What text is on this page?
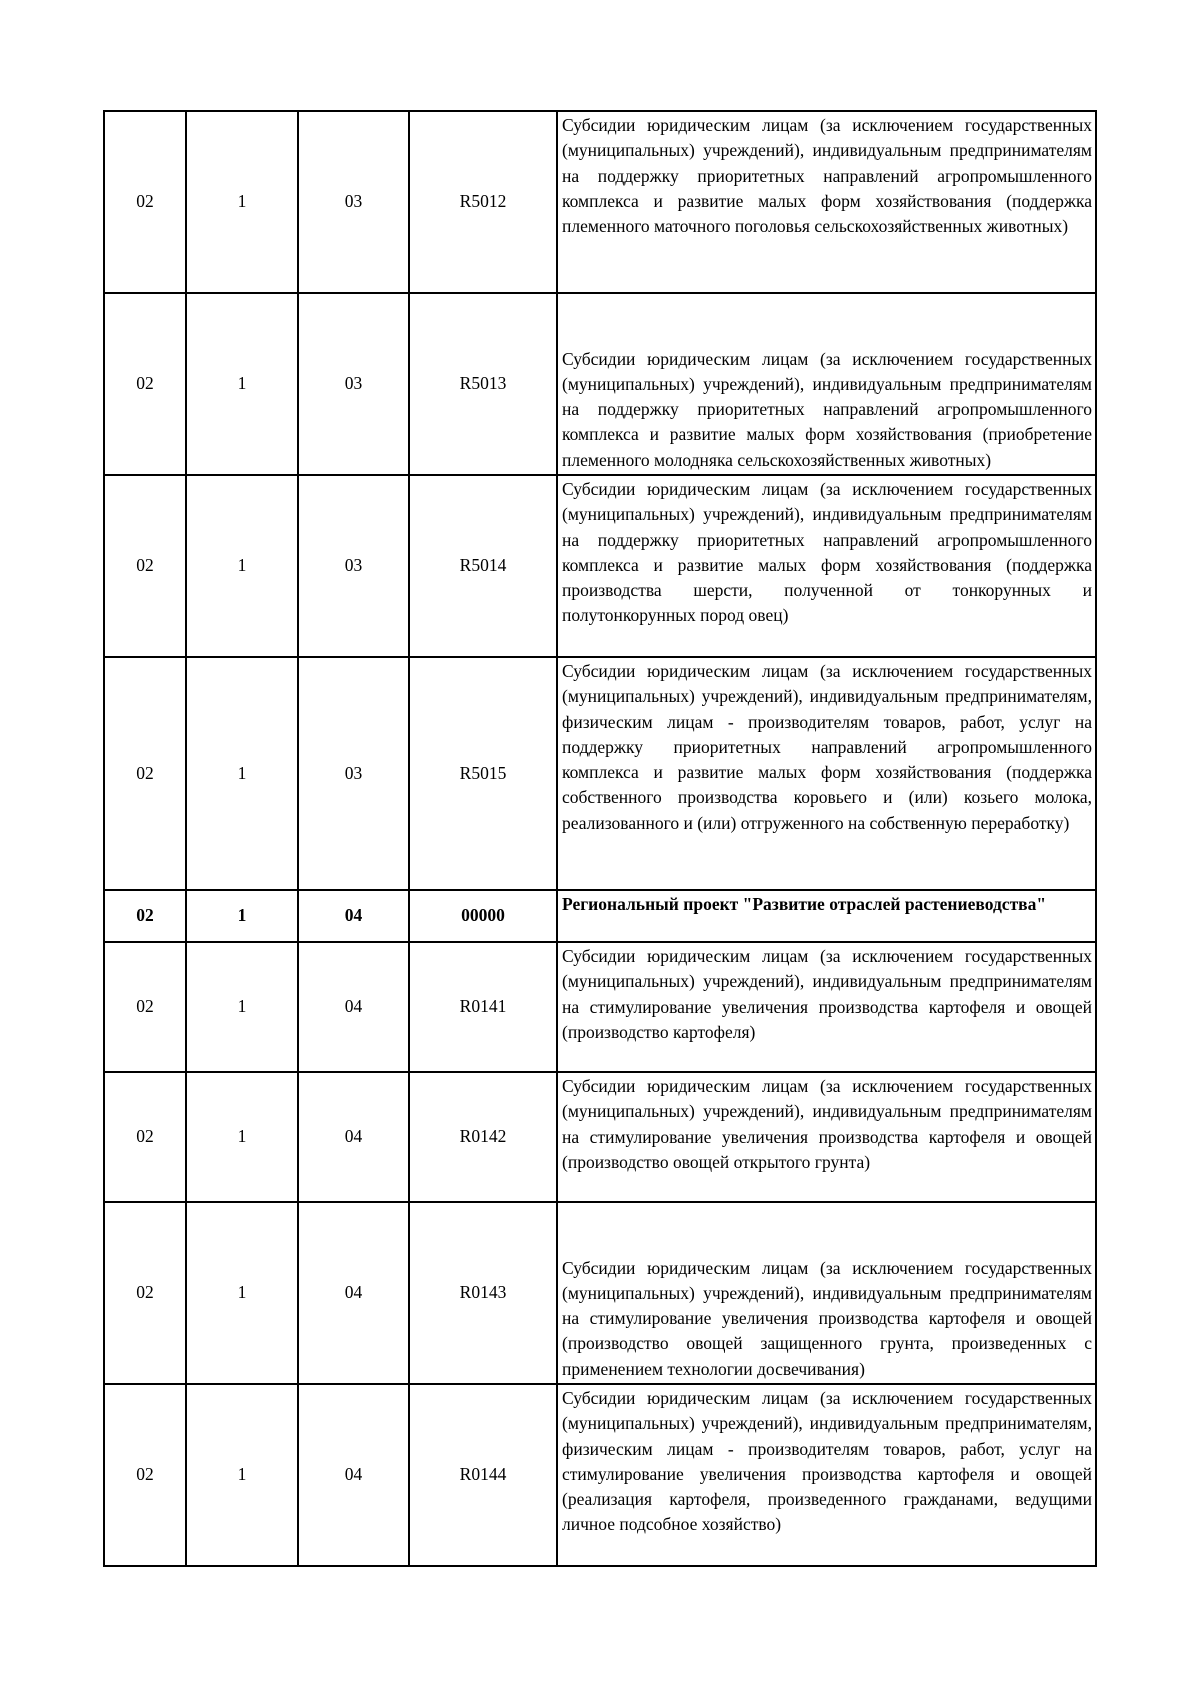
02	1	03	R5012	Субсидии юридическим лицам (за исключением государственных (муниципальных) учреждений), индивидуальным предпринимателям на поддержку приоритетных направлений агропромышленного комплекса и развитие малых форм хозяйствования (поддержка племенного маточного поголовья сельскохозяйственных животных)
02	1	03	R5013	Субсидии юридическим лицам (за исключением государственных (муниципальных) учреждений), индивидуальным предпринимателям на поддержку приоритетных направлений агропромышленного комплекса и развитие малых форм хозяйствования (приобретение племенного молодняка сельскохозяйственных животных)
02	1	03	R5014	Субсидии юридическим лицам (за исключением государственных (муниципальных) учреждений), индивидуальным предпринимателям на поддержку приоритетных направлений агропромышленного комплекса и развитие малых форм хозяйствования (поддержка производства шерсти, полученной от тонкорунных и полутонкорунных пород овец)
02	1	03	R5015	Субсидии юридическим лицам (за исключением государственных (муниципальных) учреждений), индивидуальным предпринимателям, физическим лицам - производителям товаров, работ, услуг на поддержку приоритетных направлений агропромышленного комплекса и развитие малых форм хозяйствования (поддержка собственного производства коровьего и (или) козьего молока, реализованного и (или) отгруженного на собственную переработку)
02	1	04	00000	Региональный проект "Развитие отраслей растениеводства"
02	1	04	R0141	Субсидии юридическим лицам (за исключением государственных (муниципальных) учреждений), индивидуальным предпринимателям на стимулирование увеличения производства картофеля и овощей (производство картофеля)
02	1	04	R0142	Субсидии юридическим лицам (за исключением государственных (муниципальных) учреждений), индивидуальным предпринимателям на стимулирование увеличения производства картофеля и овощей (производство овощей открытого грунта)
02	1	04	R0143	Субсидии юридическим лицам (за исключением государственных (муниципальных) учреждений), индивидуальным предпринимателям на стимулирование увеличения производства картофеля и овощей (производство овощей защищенного грунта, произведенных с применением технологии досвечивания)
02	1	04	R0144	Субсидии юридическим лицам (за исключением государственных (муниципальных) учреждений), индивидуальным предпринимателям, физическим лицам - производителям товаров, работ, услуг на стимулирование увеличения производства картофеля и овощей (реализация картофеля, произведенного гражданами, ведущими личное подсобное хозяйство)
